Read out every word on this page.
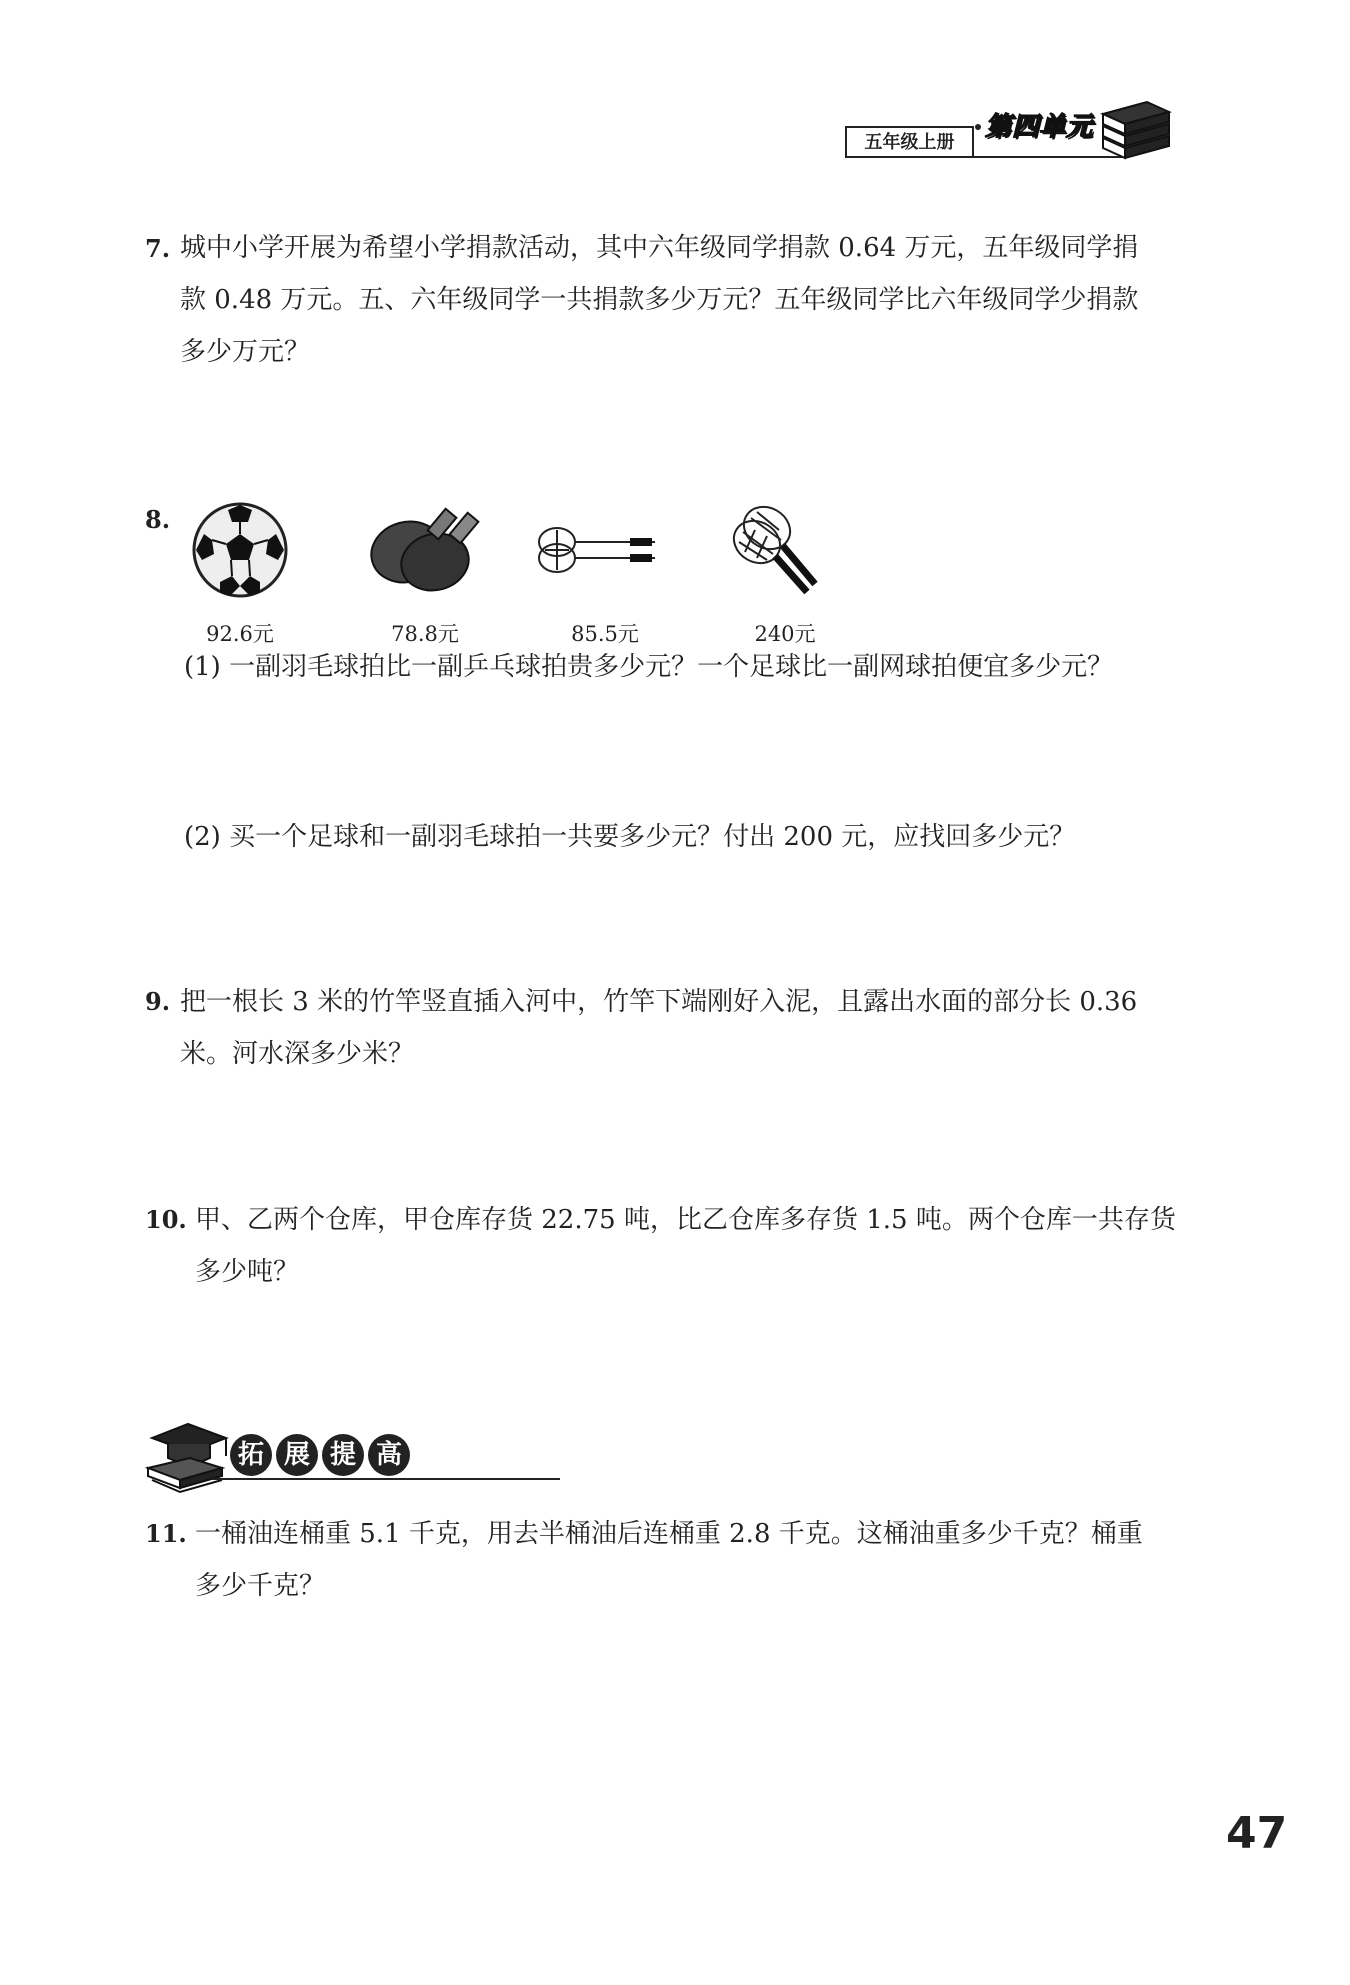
五年级上册
第四单元
7. 城中小学开展为希望小学捐款活动，其中六年级同学捐款 0.64 万元，五年级同学捐
款 0.48 万元。五、六年级同学一共捐款多少万元？五年级同学比六年级同学少捐款
多少万元？
8.
92.6元	78.8元	85.5元	240元
(1) 一副羽毛球拍比一副乒乓球拍贵多少元？一个足球比一副网球拍便宜多少元？
(2) 买一个足球和一副羽毛球拍一共要多少元？付出 200 元，应找回多少元？
9. 把一根长 3 米的竹竿竖直插入河中，竹竿下端刚好入泥，且露出水面的部分长 0.36
米。河水深多少米？
10. 甲、乙两个仓库，甲仓库存货 22.75 吨，比乙仓库多存货 1.5 吨。两个仓库一共存货
多少吨？
拓 展 提 高
11. 一桶油连桶重 5.1 千克，用去半桶油后连桶重 2.8 千克。这桶油重多少千克？桶重
多少千克？
47
